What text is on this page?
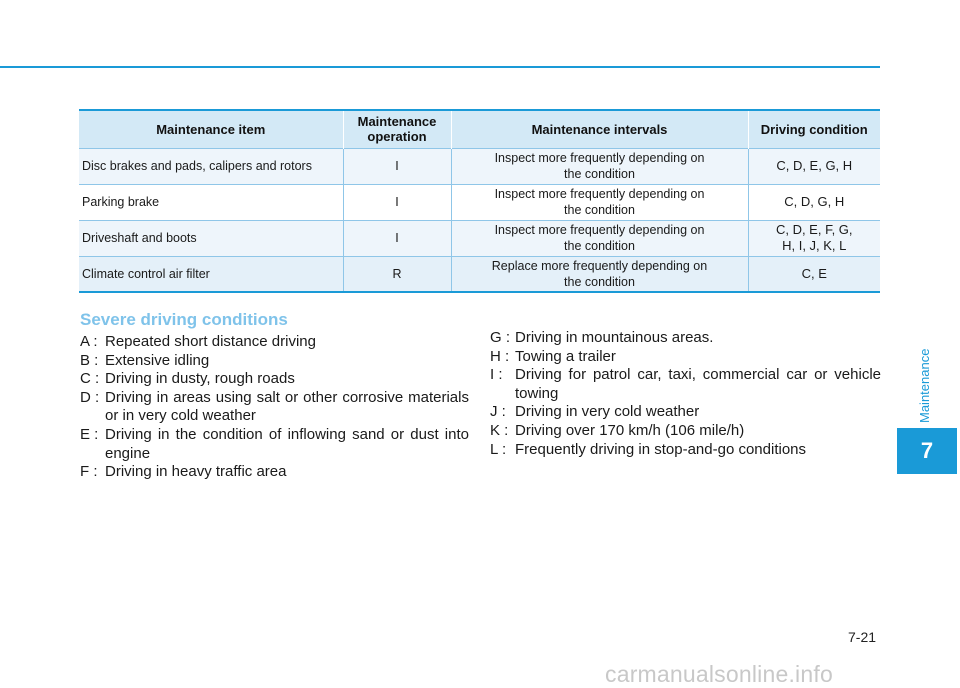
Maintenance item	Maintenance operation	Maintenance intervals	Driving condition
Disc brakes and pads, calipers and rotors	I	Inspect more frequently depending on the condition	C, D, E, G, H
Parking brake	I	Inspect more frequently depending on the condition	C, D, G, H
Driveshaft and boots	I	Inspect more frequently depending on the condition	C, D, E, F, G, H, I, J, K, L
Climate control air filter	R	Replace more frequently depending on the condition	C, E
Severe driving conditions
A : Repeated short distance driving
B : Extensive idling
C : Driving in dusty, rough roads
D : Driving in areas using salt or other corrosive materials or in very cold weather
E : Driving in the condition of inflowing sand or dust into engine
F : Driving in heavy traffic area
G : Driving in mountainous areas.
H : Towing a trailer
I : Driving for patrol car, taxi, commercial car or vehicle towing
J : Driving in very cold weather
K : Driving over 170 km/h (106 mile/h)
L : Frequently driving in stop-and-go conditions
Maintenance
7
7-21
carmanualsonline.info
